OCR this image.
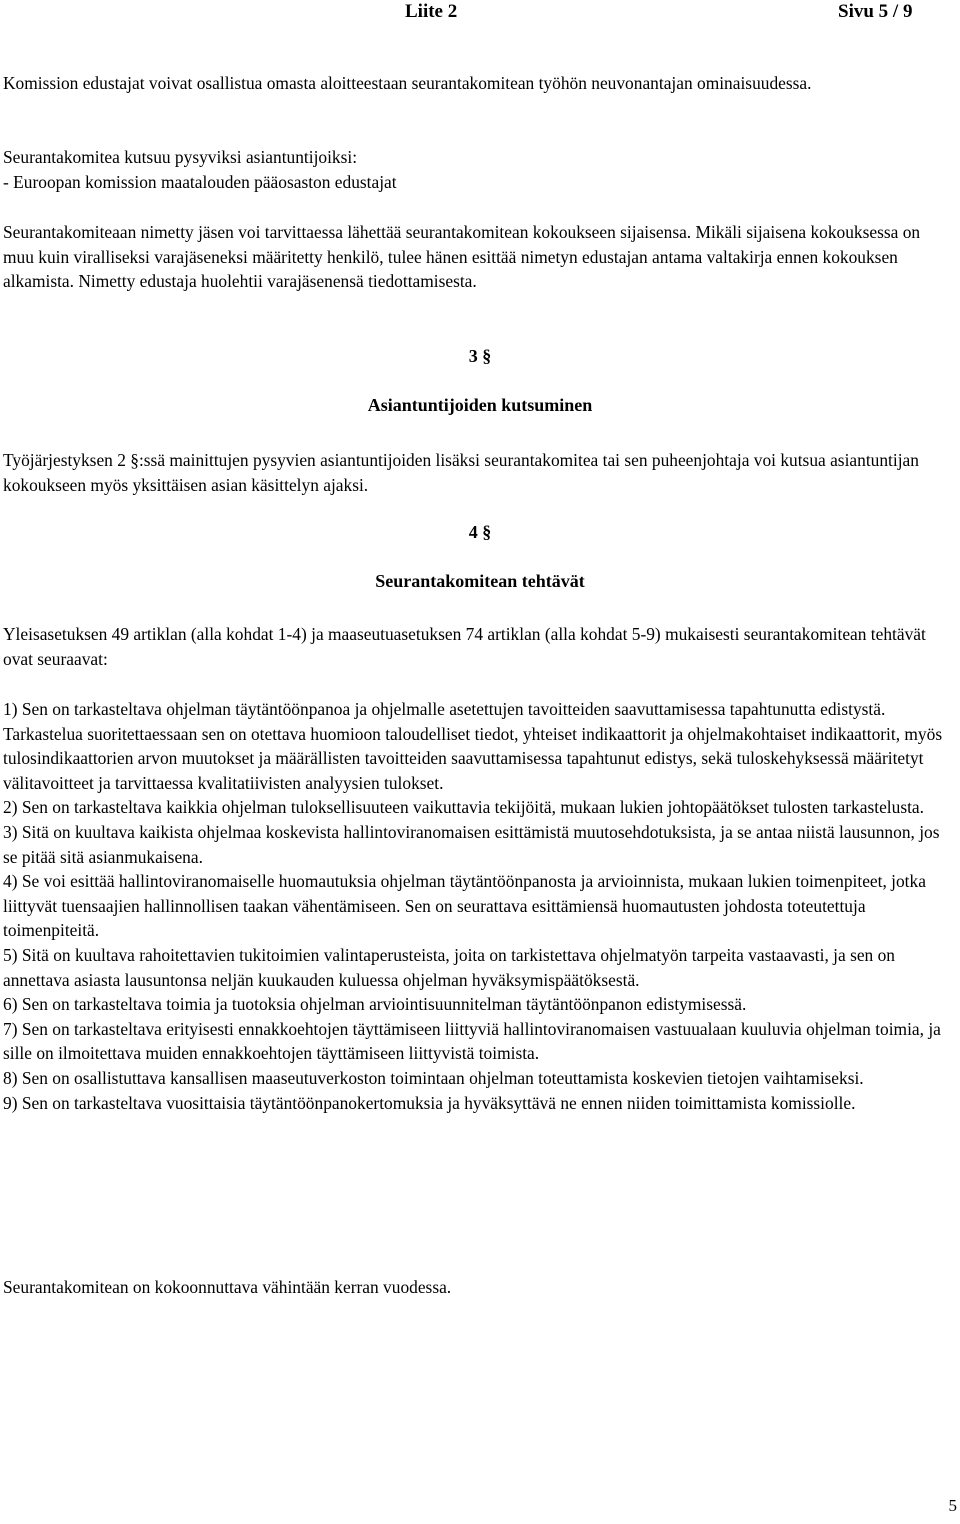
Liite 2	Sivu 5 / 9

Komission edustajat voivat osallistua omasta aloitteestaan seurantakomitean työhön neuvonantajan ominaisuudessa.

Seurantakomitea kutsuu pysyviksi asiantuntijoiksi:

- Euroopan komission maatalouden pääosaston edustajat

Seurantakomiteaan nimetty jäsen voi tarvittaessa lähettää seurantakomitean kokoukseen sijaisensa. Mikäli sijaisena kokouksessa on muu kuin viralliseksi varajäseneksi määritetty henkilö, tulee hänen esittää nimetyn edustajan antama valtakirja ennen kokouksen alkamista. Nimetty edustaja huolehtii varajäsenensä tiedottamisesta.

3 §
Asiantuntijoiden kutsuminen

Työjärjestyksen 2 §:ssä mainittujen pysyvien asiantuntijoiden lisäksi seurantakomitea tai sen puheenjohtaja voi kutsua asiantuntijan kokoukseen myös yksittäisen asian käsittelyn ajaksi.

4 §
Seurantakomitean tehtävät

Yleisasetuksen 49 artiklan (alla kohdat 1-4) ja maaseutuasetuksen 74 artiklan (alla kohdat 5-9) mukaisesti seurantakomitean tehtävät ovat seuraavat:

1) Sen on tarkasteltava ohjelman täytäntöönpanoa ja ohjelmalle asetettujen tavoitteiden saavuttamisessa tapahtunutta edistystä. Tarkastelua suoritettaessaan sen on otettava huomioon taloudelliset tiedot, yhteiset indikaattorit ja ohjelmakohtaiset indikaattorit, myös tulosindikaattorien arvon muutokset ja määrällisten tavoitteiden saavuttamisessa tapahtunut edistys, sekä tuloskehyksessä määritetyt välitavoitteet ja tarvittaessa kvalitatiivisten analyysien tulokset.

2) Sen on tarkasteltava kaikkia ohjelman tuloksellisuuteen vaikuttavia tekijöitä, mukaan lukien johtopäätökset tulosten tarkastelusta.

3) Sitä on kuultava kaikista ohjelmaa koskevista hallintoviranomaisen esittämistä muutosehdotuksista, ja se antaa niistä lausunnon, jos se pitää sitä asianmukaisena.

4) Se voi esittää hallintoviranomaiselle huomautuksia ohjelman täytäntöönpanosta ja arvioinnista, mukaan lukien toimenpiteet, jotka liittyvät tuensaajien hallinnollisen taakan vähentämiseen. Sen on seurattava esittämiensä huomautusten johdosta toteutettuja toimenpiteitä.

5) Sitä on kuultava rahoitettavien tukitoimien valintaperusteista, joita on tarkistettava ohjelmatyön tarpeita vastaavasti, ja sen on annettava asiasta lausuntonsa neljän kuukauden kuluessa ohjelman hyväksymispäätöksestä.

6) Sen on tarkasteltava toimia ja tuotoksia ohjelman arviointisuunnitelman täytäntöönpanon edistymisessä.

7) Sen on tarkasteltava erityisesti ennakkoehtojen täyttämiseen liittyviä hallintoviranomaisen vastuualaan kuuluvia ohjelman toimia, ja sille on ilmoitettava muiden ennakkoehtojen täyttämiseen liittyvistä toimista.

8) Sen on osallistuttava kansallisen maaseutuverkoston toimintaan ohjelman toteuttamista koskevien tietojen vaihtamiseksi.

9) Sen on tarkasteltava vuosittaisia täytäntöönpanokertomuksia ja hyväksyttävä ne ennen niiden toimittamista komissiolle.

Seurantakomitean on kokoonnuttava vähintään kerran vuodessa.

5
